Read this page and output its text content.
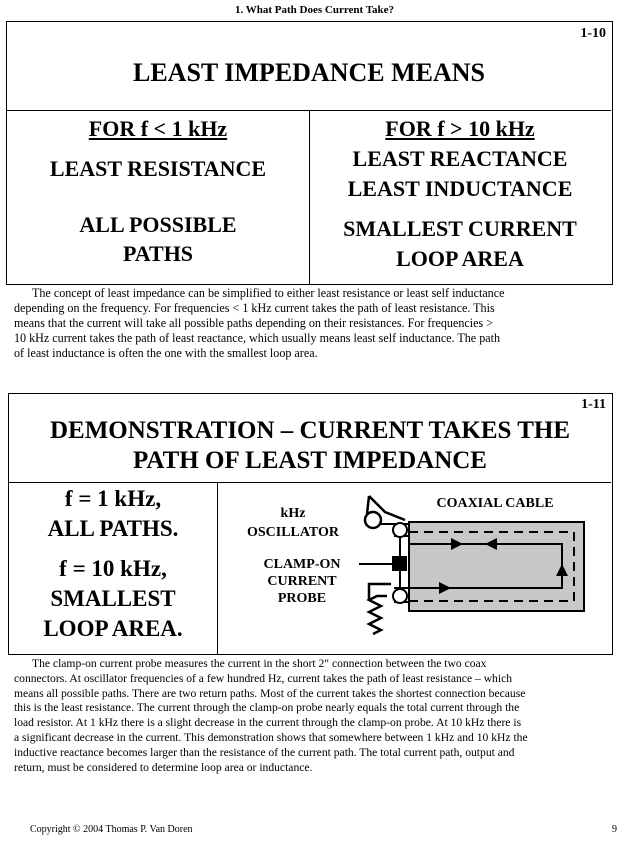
1. What Path Does Current Take?
1-10
LEAST IMPEDANCE MEANS
FOR f < 1 kHz
LEAST RESISTANCE
ALL POSSIBLE
PATHS
FOR f > 10 kHz
LEAST REACTANCE
LEAST INDUCTANCE
SMALLEST CURRENT
LOOP AREA
The concept of least impedance can be simplified to either least resistance or least self inductance
depending on the frequency. For frequencies < 1 kHz current takes the path of least resistance. This
means that the current will take all possible paths depending on their resistances. For frequencies >
10 kHz current takes the path of least reactance, which usually means least self inductance. The path
of least inductance is often the one with the smallest loop area.
1-11
DEMONSTRATION – CURRENT TAKES THE
PATH OF LEAST IMPEDANCE
f = 1 kHz,
ALL PATHS.
f = 10 kHz,
SMALLEST
LOOP AREA.
kHz
OSCILLATOR
CLAMP-ON
CURRENT
PROBE
COAXIAL CABLE
The clamp-on current probe measures the current in the short 2" connection between the two coax
connectors. At oscillator frequencies of a few hundred Hz, current takes the path of least resistance – which
means all possible paths. There are two return paths. Most of the current takes the shortest connection because
this is the least resistance. The current through the clamp-on probe nearly equals the total current through the
load resistor. At 1 kHz there is a slight decrease in the current through the clamp-on probe. At 10 kHz there is
a significant decrease in the current. This demonstration shows that somewhere between 1 kHz and 10 kHz the
inductive reactance becomes larger than the resistance of the current path. The total current path, output and
return, must be considered to determine loop area or inductance.
Copyright © 2004 Thomas P. Van Doren	9
